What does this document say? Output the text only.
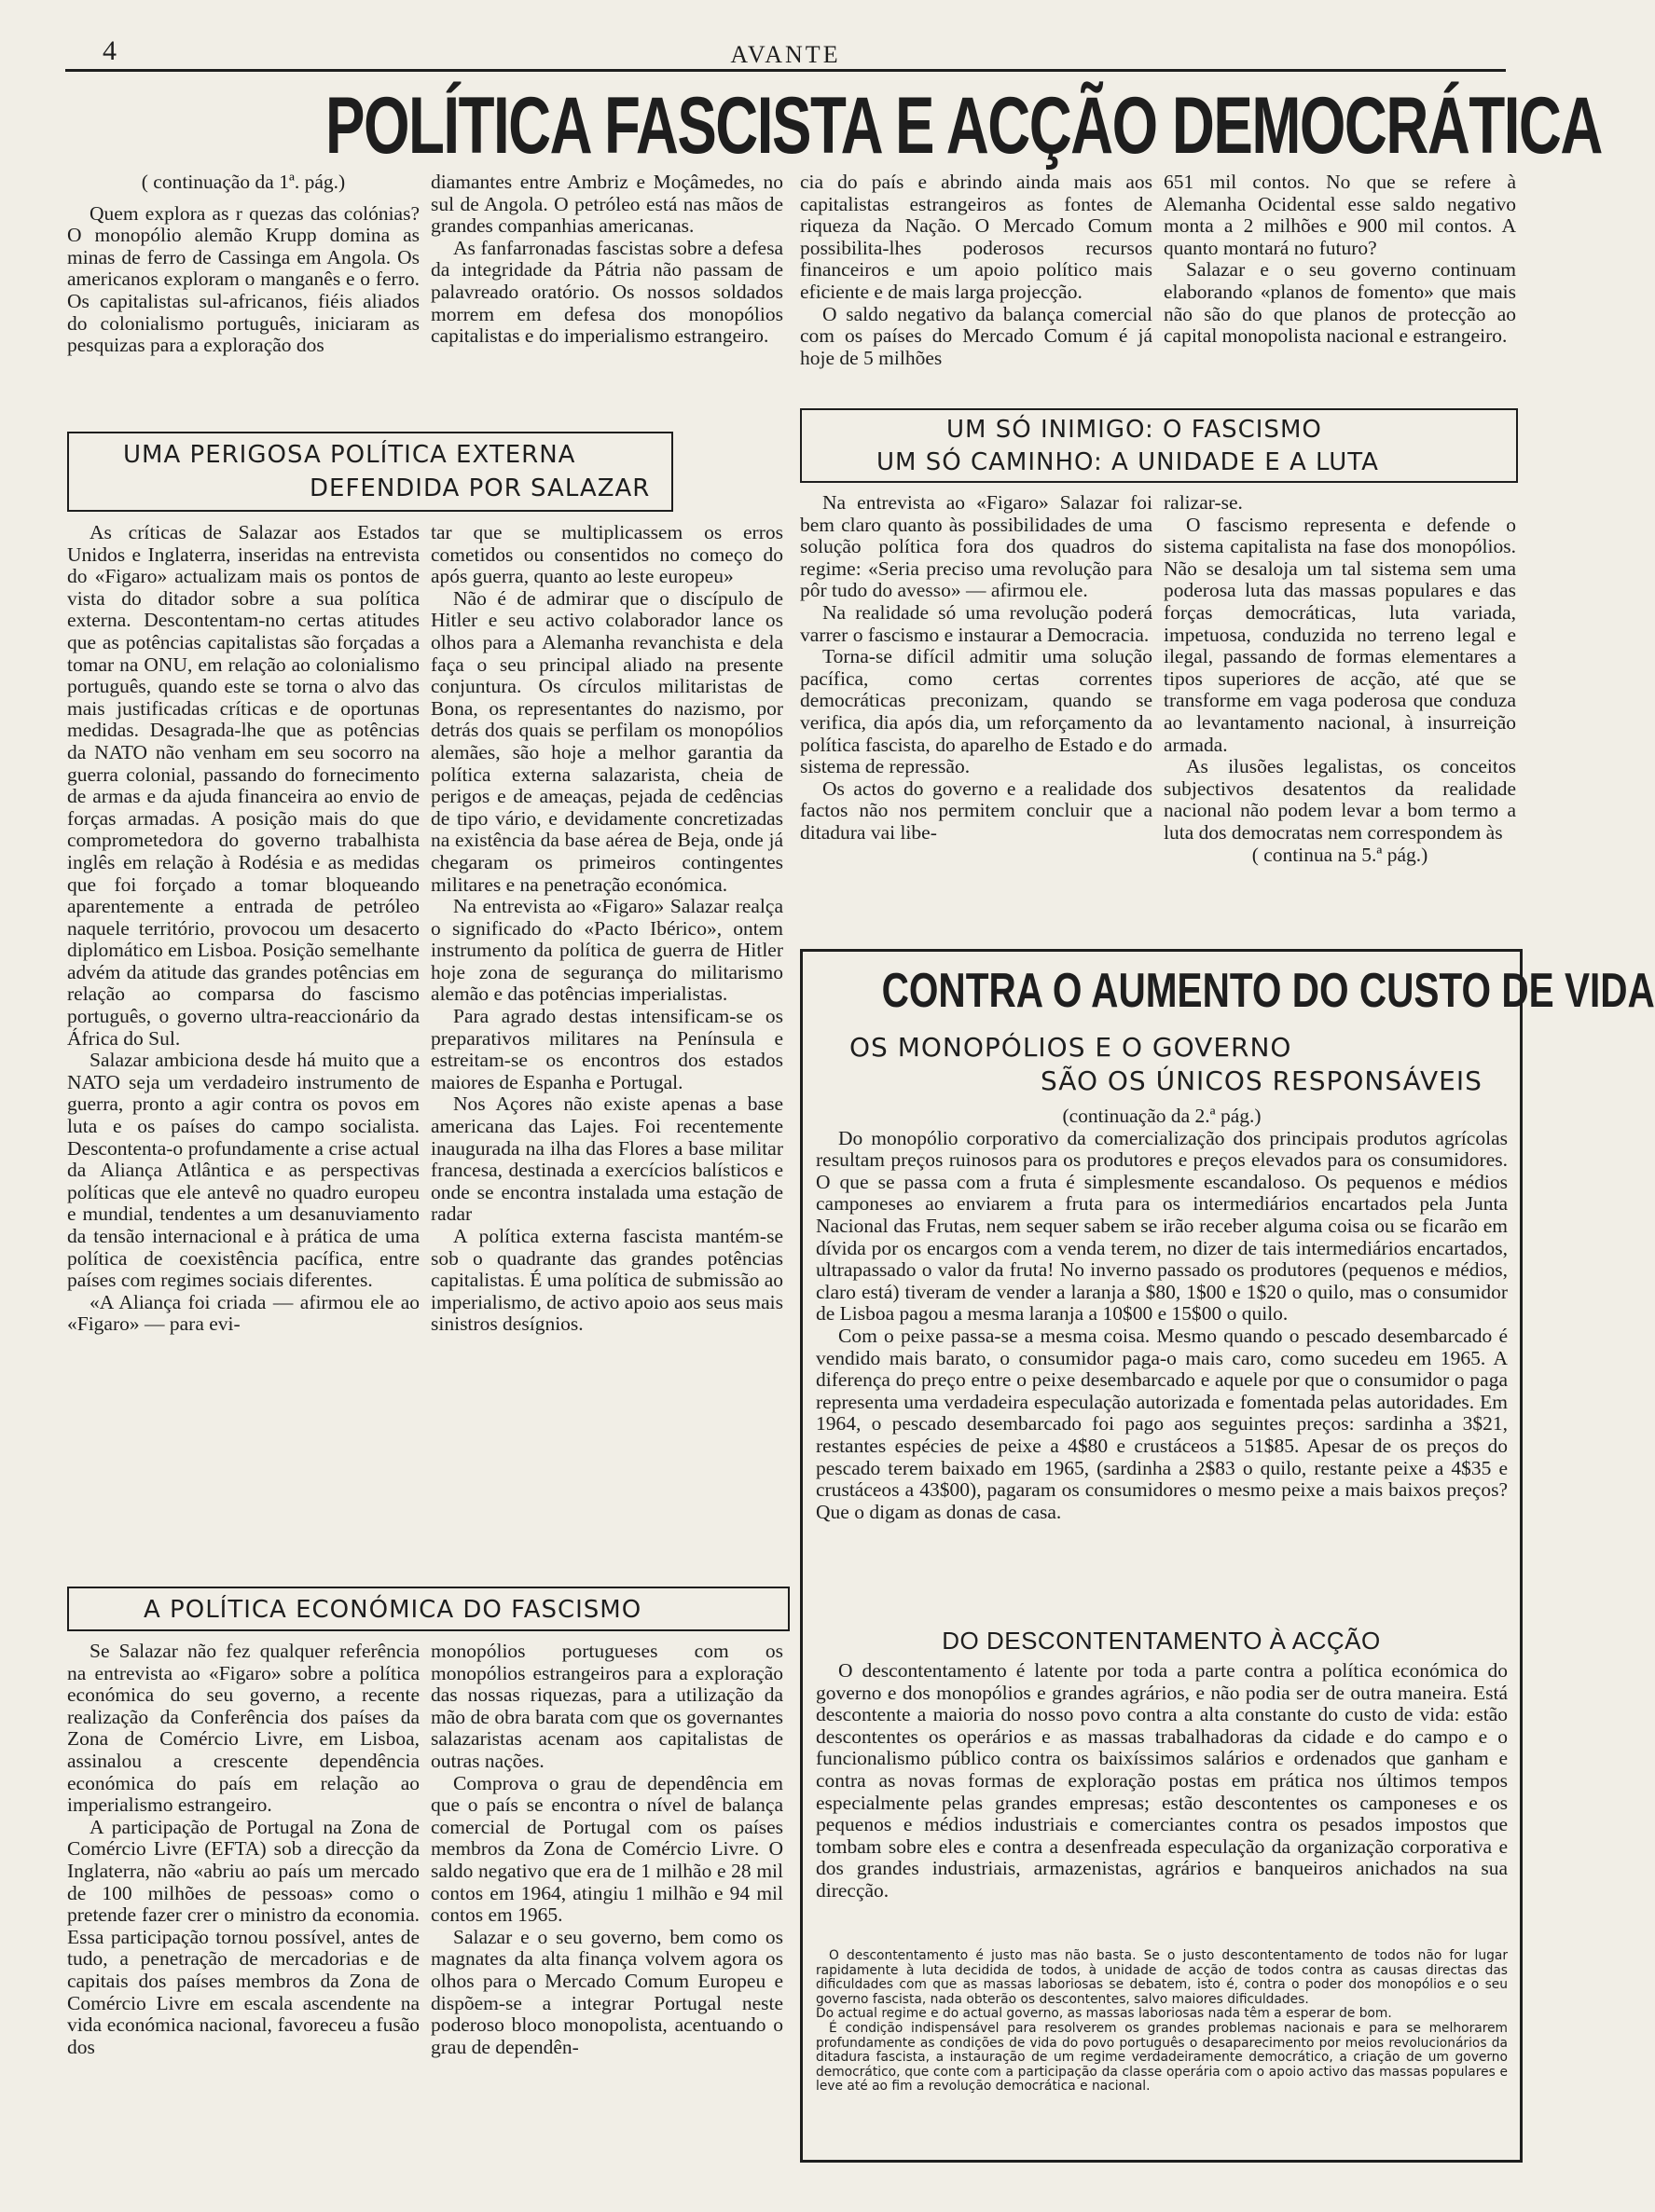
4	AVANTE
POLÍTICA FASCISTA E ACÇÃO DEMOCRÁTICA

( continuação da 1ª. pág.)

Quem explora as r quezas das colónias? O monopólio alemão Krupp domina as minas de ferro de Cassinga em Angola. Os americanos exploram o manganês e o ferro. Os capitalistas sul-africanos, fiéis aliados do colonialismo português, iniciaram as pesquizas para a exploração dos

diamantes entre Ambriz e Moçâmedes, no sul de Angola. O petróleo está nas mãos de grandes companhias americanas.

As fanfarronadas fascistas sobre a defesa da integridade da Pátria não passam de palavreado oratório. Os nossos soldados morrem em defesa dos monopólios capitalistas e do imperialismo estrangeiro.

cia do país e abrindo ainda mais aos capitalistas estrangeiros as fontes de riqueza da Nação. O Mercado Comum possibilita-lhes poderosos recursos financeiros e um apoio político mais eficiente e de mais larga projecção.

O saldo negativo da balança comercial com os países do Mercado Comum é já hoje de 5 milhões

651 mil contos. No que se refere à Alemanha Ocidental esse saldo negativo monta a 2 milhões e 900 mil contos. A quanto montará no futuro?

Salazar e o seu governo continuam elaborando «planos de fomento» que mais não são do que planos de protecção ao capital monopolista nacional e estrangeiro.

UMA PERIGOSA POLÍTICA EXTERNA
DEFENDIDA POR SALAZAR

As críticas de Salazar aos Estados Unidos e Inglaterra, inseridas na entrevista do «Figaro» actualizam mais os pontos de vista do ditador sobre a sua política externa. Descontentam-no certas atitudes que as potências capitalistas são forçadas a tomar na ONU, em relação ao colonialismo português, quando este se torna o alvo das mais justificadas críticas e de oportunas medidas. Desagrada-lhe que as potências da NATO não venham em seu socorro na guerra colonial, passando do fornecimento de armas e da ajuda financeira ao envio de forças armadas. A posição mais do que comprometedora do governo trabalhista inglês em relação à Rodésia e as medidas que foi forçado a tomar bloqueando aparentemente a entrada de petróleo naquele território, provocou um desacerto diplomático em Lisboa. Posição semelhante advém da atitude das grandes potências em relação ao comparsa do fascismo português, o governo ultra-reaccionário da África do Sul.

Salazar ambiciona desde há muito que a NATO seja um verdadeiro instrumento de guerra, pronto a agir contra os povos em luta e os países do campo socialista. Descontenta-o profundamente a crise actual da Aliança Atlântica e as perspectivas políticas que ele antevê no quadro europeu e mundial, tendentes a um desanuviamento da tensão internacional e à prática de uma política de coexistência pacífica, entre países com regimes sociais diferentes.

«A Aliança foi criada — afirmou ele ao «Figaro» — para evi-

tar que se multiplicassem os erros cometidos ou consentidos no começo do após guerra, quanto ao leste europeu»

Não é de admirar que o discípulo de Hitler e seu activo colaborador lance os olhos para a Alemanha revanchista e dela faça o seu principal aliado na presente conjuntura. Os círculos militaristas de Bona, os representantes do nazismo, por detrás dos quais se perfilam os monopólios alemães, são hoje a melhor garantia da política externa salazarista, cheia de perigos e de ameaças, pejada de cedências de tipo vário, e devidamente concretizadas na existência da base aérea de Beja, onde já chegaram os primeiros contingentes militares e na penetração económica.

Na entrevista ao «Figaro» Salazar realça o significado do «Pacto Ibérico», ontem instrumento da política de guerra de Hitler hoje zona de segurança do militarismo alemão e das potências imperialistas.

Para agrado destas intensificam-se os preparativos militares na Península e estreitam-se os encontros dos estados maiores de Espanha e Portugal.

Nos Açores não existe apenas a base americana das Lajes. Foi recentemente inaugurada na ilha das Flores a base militar francesa, destinada a exercícios balísticos e onde se encontra instalada uma estação de radar

A política externa fascista mantém-se sob o quadrante das grandes potências capitalistas. É uma política de submissão ao imperialismo, de activo apoio aos seus mais sinistros desígnios.

UM SÓ INIMIGO: O FASCISMO
UM SÓ CAMINHO: A UNIDADE E A LUTA

Na entrevista ao «Figaro» Salazar foi bem claro quanto às possibilidades de uma solução política fora dos quadros do regime: «Seria preciso uma revolução para pôr tudo do avesso» — afirmou ele.

Na realidade só uma revolução poderá varrer o fascismo e instaurar a Democracia.

Torna-se difícil admitir uma solução pacífica, como certas correntes democráticas preconizam, quando se verifica, dia após dia, um reforçamento da política fascista, do aparelho de Estado e do sistema de repressão.

Os actos do governo e a realidade dos factos não nos permitem concluir que a ditadura vai libe-

ralizar-se.

O fascismo representa e defende o sistema capitalista na fase dos monopólios. Não se desaloja um tal sistema sem uma poderosa luta das massas populares e das forças democráticas, luta variada, impetuosa, conduzida no terreno legal e ilegal, passando de formas elementares a tipos superiores de acção, até que se transforme em vaga poderosa que conduza ao levantamento nacional, à insurreição armada.

As ilusões legalistas, os conceitos subjectivos desatentos da realidade nacional não podem levar a bom termo a luta dos democratas nem correspondem às

( continua na 5.ª pág.)

A POLÍTICA ECONÓMICA DO FASCISMO

Se Salazar não fez qualquer referência na entrevista ao «Figaro» sobre a política económica do seu governo, a recente realização da Conferência dos países da Zona de Comércio Livre, em Lisboa, assinalou a crescente dependência económica do país em relação ao imperialismo estrangeiro.

A participação de Portugal na Zona de Comércio Livre (EFTA) sob a direcção da Inglaterra, não «abriu ao país um mercado de 100 milhões de pessoas» como o pretende fazer crer o ministro da economia. Essa participação tornou possível, antes de tudo, a penetração de mercadorias e de capitais dos países membros da Zona de Comércio Livre em escala ascendente na vida económica nacional, favoreceu a fusão dos

monopólios portugueses com os monopólios estrangeiros para a exploração das nossas riquezas, para a utilização da mão de obra barata com que os governantes salazaristas acenam aos capitalistas de outras nações.

Comprova o grau de dependência em que o país se encontra o nível de balança comercial de Portugal com os países membros da Zona de Comércio Livre. O saldo negativo que era de 1 milhão e 28 mil contos em 1964, atingiu 1 milhão e 94 mil contos em 1965.

Salazar e o seu governo, bem como os magnates da alta finança volvem agora os olhos para o Mercado Comum Europeu e dispõem-se a integrar Portugal neste poderoso bloco monopolista, acentuando o grau de dependên-

CONTRA O AUMENTO DO CUSTO DE VIDA
OS MONOPÓLIOS E O GOVERNO
SÃO OS ÚNICOS RESPONSÁVEIS

(continuação da 2.ª pág.)

Do monopólio corporativo da comercialização dos principais produtos agrícolas resultam preços ruinosos para os produtores e preços elevados para os consumidores. O que se passa com a fruta é simplesmente escandaloso. Os pequenos e médios camponeses ao enviarem a fruta para os intermediários encartados pela Junta Nacional das Frutas, nem sequer sabem se irão receber alguma coisa ou se ficarão em dívida por os encargos com a venda terem, no dizer de tais intermediários encartados, ultrapassado o valor da fruta! No inverno passado os produtores (pequenos e médios, claro está) tiveram de vender a laranja a $80, 1$00 e 1$20 o quilo, mas o consumidor de Lisboa pagou a mesma laranja a 10$00 e 15$00 o quilo.

Com o peixe passa-se a mesma coisa. Mesmo quando o pescado desembarcado é vendido mais barato, o consumidor paga-o mais caro, como sucedeu em 1965. A diferença do preço entre o peixe desembarcado e aquele por que o consumidor o paga representa uma verdadeira especulação autorizada e fomentada pelas autoridades. Em 1964, o pescado desembarcado foi pago aos seguintes preços: sardinha a 3$21, restantes espécies de peixe a 4$80 e crustáceos a 51$85. Apesar de os preços do pescado terem baixado em 1965, (sardinha a 2$83 o quilo, restante peixe a 4$35 e crustáceos a 43$00), pagaram os consumidores o mesmo peixe a mais baixos preços? Que o digam as donas de casa.

DO DESCONTENTAMENTO À ACÇÃO

O descontentamento é latente por toda a parte contra a política económica do governo e dos monopólios e grandes agrários, e não podia ser de outra maneira. Está descontente a maioria do nosso povo contra a alta constante do custo de vida: estão descontentes os operários e as massas trabalhadoras da cidade e do campo e o funcionalismo público contra os baixíssimos salários e ordenados que ganham e contra as novas formas de exploração postas em prática nos últimos tempos especialmente pelas grandes empresas; estão descontentes os camponeses e os pequenos e médios industriais e comerciantes contra os pesados impostos que tombam sobre eles e contra a desenfreada especulação da organização corporativa e dos grandes industriais, armazenistas, agrários e banqueiros anichados na sua direcção.

O descontentamento é justo mas não basta. Se o justo descontentamento de todos não for lugar rapidamente à luta decidida de todos, à unidade de acção de todos contra as causas directas das dificuldades com que as massas laboriosas se debatem, isto é, contra o poder dos monopólios e o seu governo fascista, nada obterão os descontentes, salvo maiores dificuldades.

Do actual regime e do actual governo, as massas laboriosas nada têm a esperar de bom.

É condição indispensável para resolverem os grandes problemas nacionais e para se melhorarem profundamente as condições de vida do povo português o desaparecimento por meios revolucionários da ditadura fascista, a instauração de um regime verdadeiramente democrático, a criação de um governo democrático, que conte com a participação da classe operária com o apoio activo das massas populares e leve até ao fim a revolução democrática e nacional.
